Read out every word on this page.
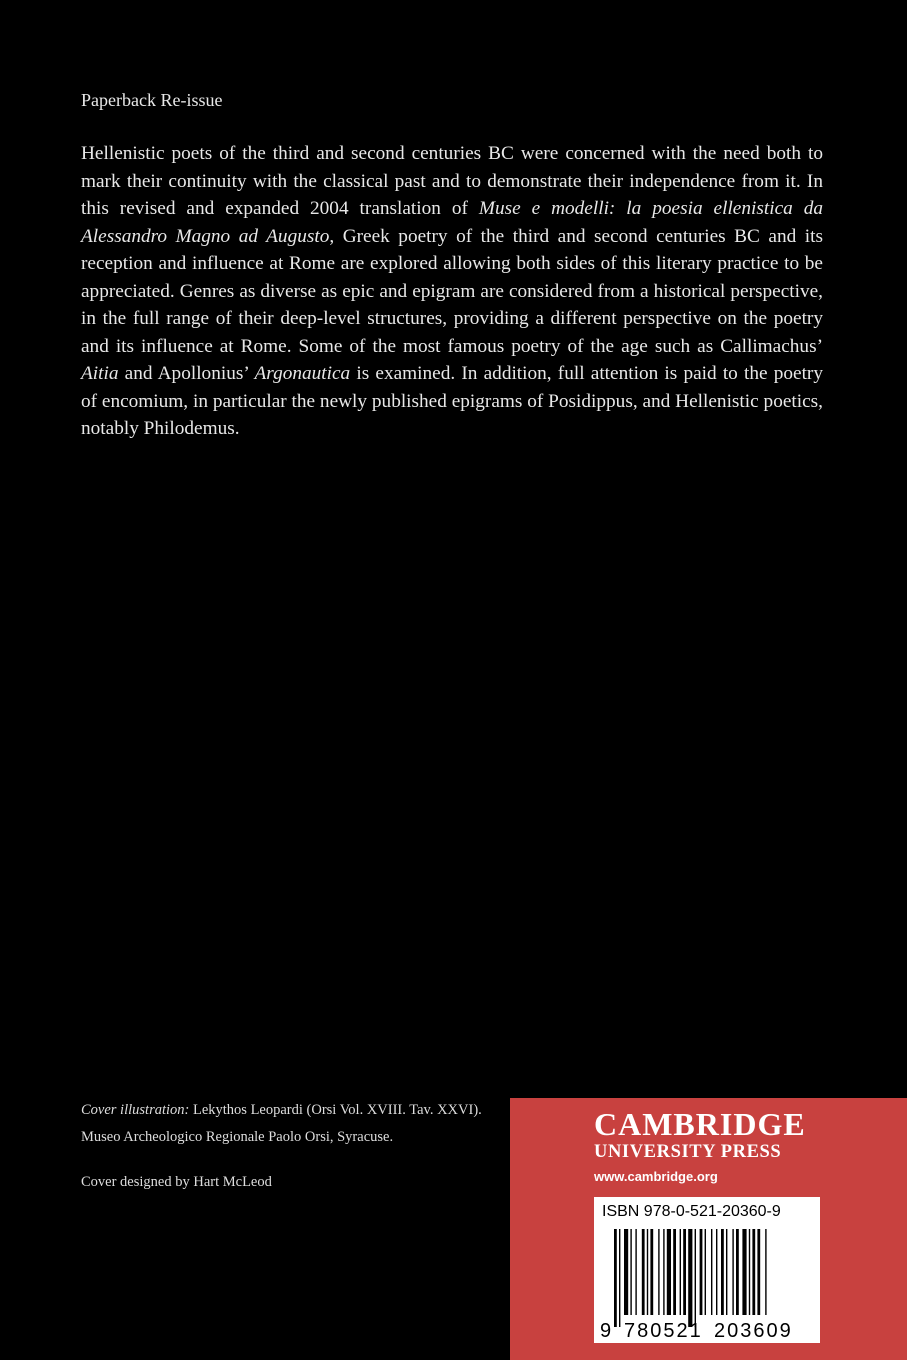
Paperback Re-issue

Hellenistic poets of the third and second centuries BC were concerned with the need both to mark their continuity with the classical past and to demonstrate their independence from it. In this revised and expanded 2004 translation of Muse e modelli: la poesia ellenistica da Alessandro Magno ad Augusto, Greek poetry of the third and second centuries BC and its reception and influence at Rome are explored allowing both sides of this literary practice to be appreciated. Genres as diverse as epic and epigram are considered from a historical perspective, in the full range of their deep-level structures, providing a different perspective on the poetry and its influence at Rome. Some of the most famous poetry of the age such as Callimachus’ Aitia and Apollonius’ Argonautica is examined. In addition, full attention is paid to the poetry of encomium, in particular the newly published epigrams of Posidippus, and Hellenistic poetics, notably Philodemus.

Cover illustration: Lekythos Leopardi (Orsi Vol. XVIII. Tav. XXVI).
Museo Archeologico Regionale Paolo Orsi, Syracuse.
Cover designed by Hart McLeod
CAMBRIDGE
UNIVERSITY PRESS
www.cambridge.org
ISBN 978-0-521-20360-9
9 780521 203609
